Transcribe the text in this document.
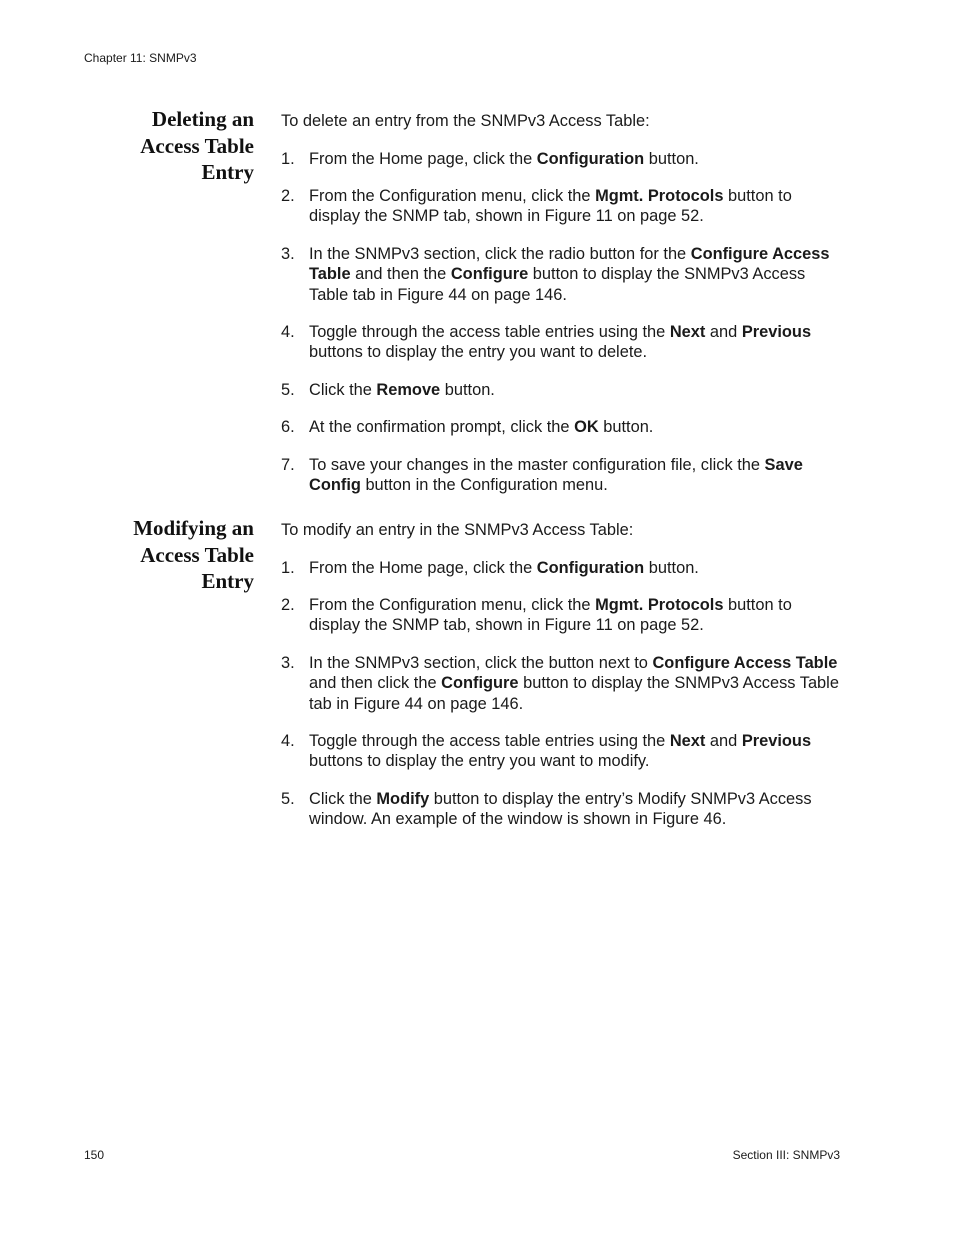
Chapter 11: SNMPv3
Deleting an
Access Table
Entry

To delete an entry from the SNMPv3 Access Table:

1. From the Home page, click the Configuration button.
2. From the Configuration menu, click the Mgmt. Protocols button to display the SNMP tab, shown in Figure 11 on page 52.
3. In the SNMPv3 section, click the radio button for the Configure Access Table and then the Configure button to display the SNMPv3 Access Table tab in Figure 44 on page 146.
4. Toggle through the access table entries using the Next and Previous buttons to display the entry you want to delete.
5. Click the Remove button.
6. At the confirmation prompt, click the OK button.
7. To save your changes in the master configuration file, click the Save Config button in the Configuration menu.
Modifying an
Access Table
Entry

To modify an entry in the SNMPv3 Access Table:

1. From the Home page, click the Configuration button.
2. From the Configuration menu, click the Mgmt. Protocols button to display the SNMP tab, shown in Figure 11 on page 52.
3. In the SNMPv3 section, click the button next to Configure Access Table and then click the Configure button to display the SNMPv3 Access Table tab in Figure 44 on page 146.
4. Toggle through the access table entries using the Next and Previous buttons to display the entry you want to modify.
5. Click the Modify button to display the entry’s Modify SNMPv3 Access window. An example of the window is shown in Figure 46.
150	Section III: SNMPv3
